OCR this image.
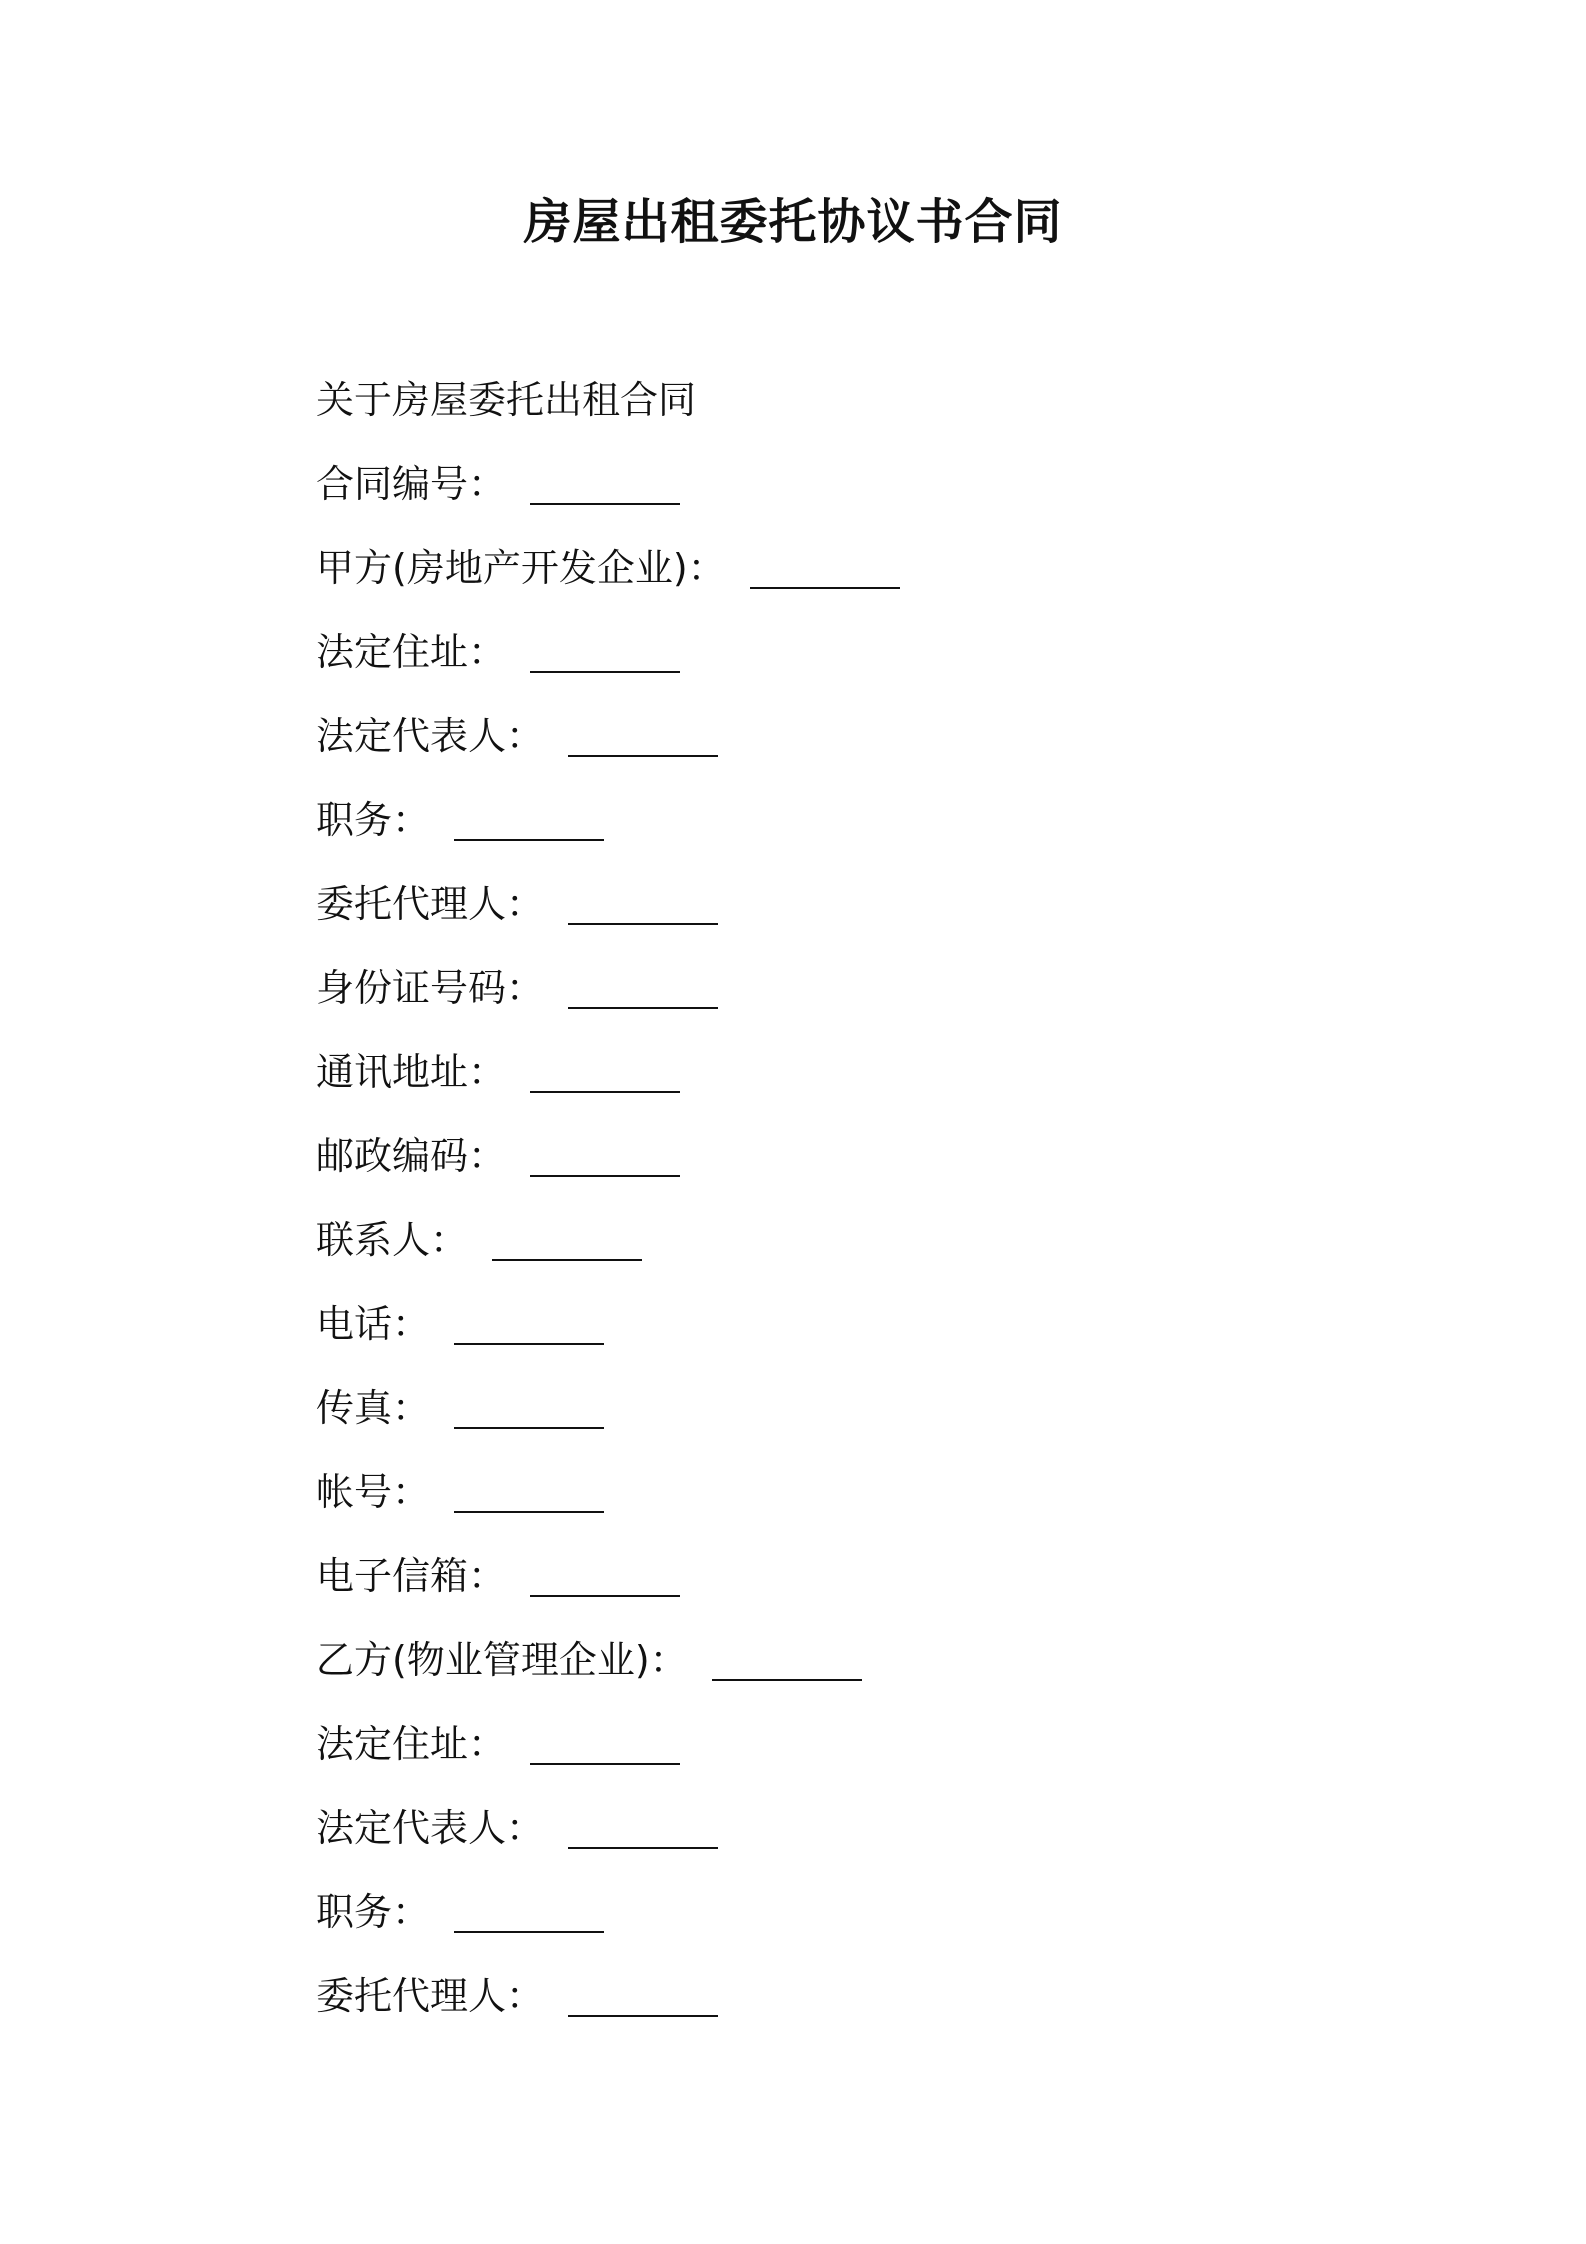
房屋出租委托协议书合同
关于房屋委托出租合同
合同编号 ：
甲方(房地产开发企业) ：
法定住址 ：
法定代表人 ：
职务 ：
委托代理人 ：
身份证号码 ：
通讯地址 ：
邮政编码 ：
联系人 ：
电话 ：
传真 ：
帐号 ：
电子信箱 ：
乙方(物业管理企业) ：
法定住址 ：
法定代表人 ：
职务 ：
委托代理人 ：
